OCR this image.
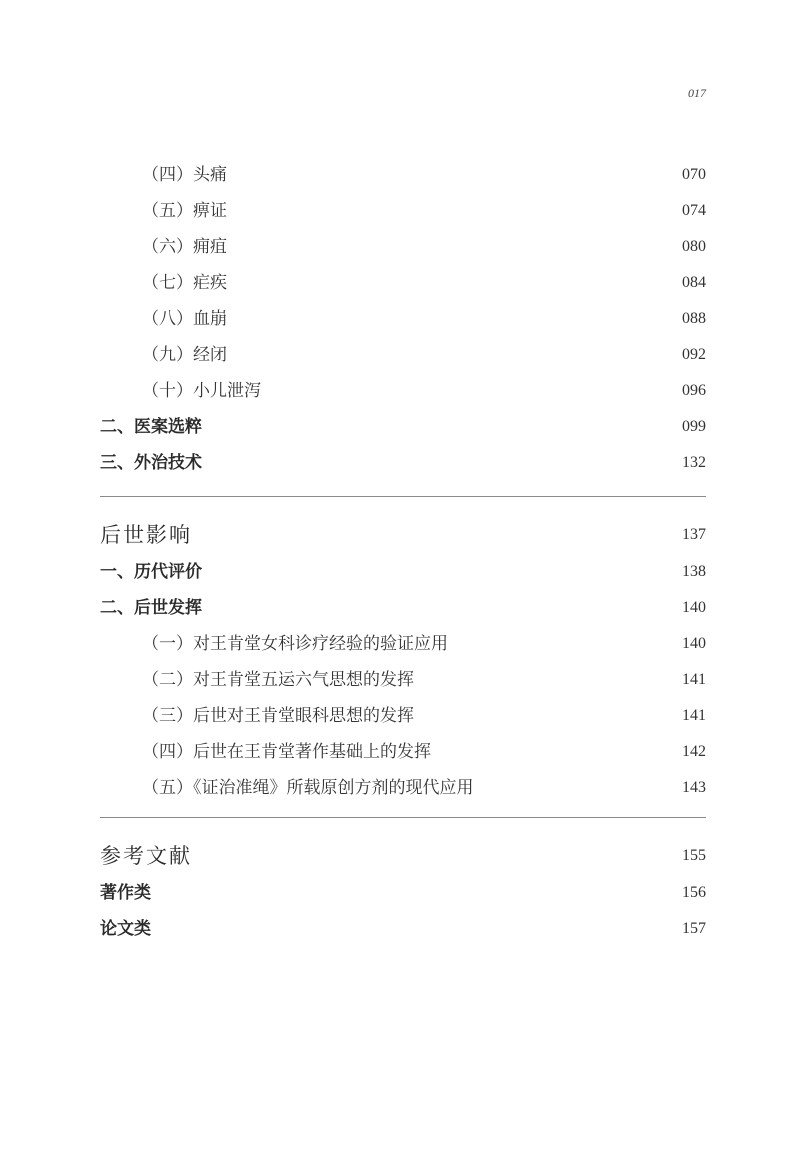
017
（四）头痛	070
（五）痹证	074
（六）痈疽	080
（七）疟疾	084
（八）血崩	088
（九）经闭	092
（十）小儿泄泻	096
二、医案选粹	099
三、外治技术	132
后世影响	137
一、历代评价	138
二、后世发挥	140
（一）对王肯堂女科诊疗经验的验证应用	140
（二）对王肯堂五运六气思想的发挥	141
（三）后世对王肯堂眼科思想的发挥	141
（四）后世在王肯堂著作基础上的发挥	142
（五）《证治准绳》所载原创方剂的现代应用	143
参考文献	155
著作类	156
论文类	157
